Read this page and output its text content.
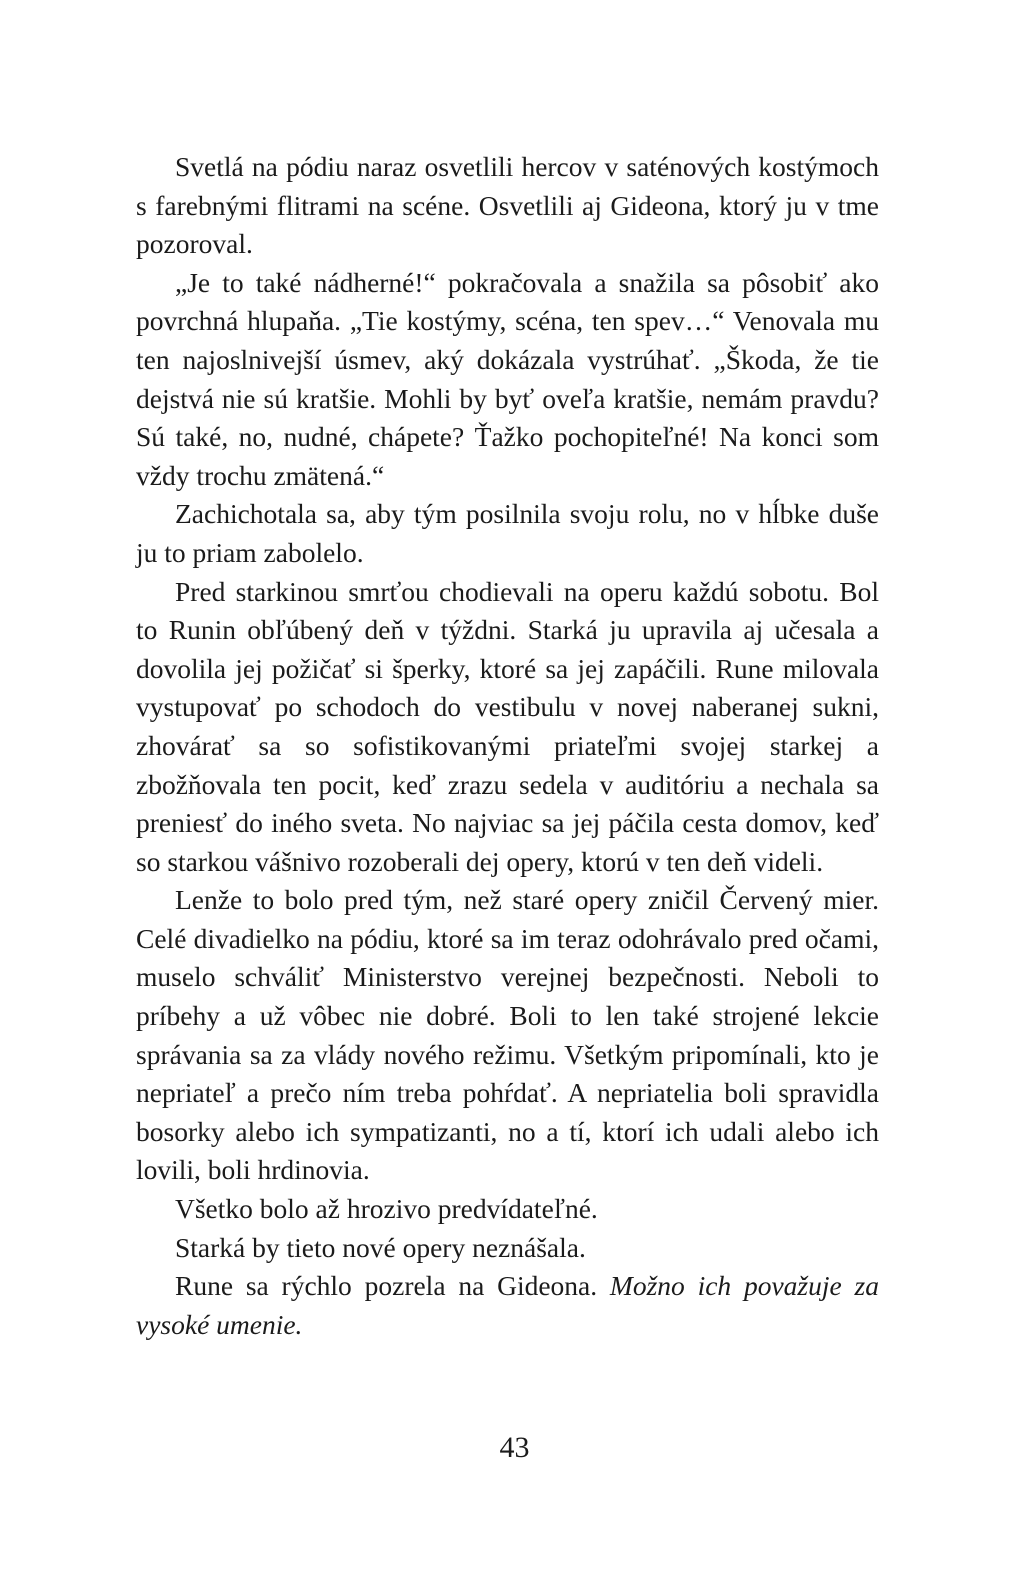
Svetlá na pódiu naraz osvetlili hercov v saténových kostýmoch s farebnými flitrami na scéne. Osvetlili aj Gideona, ktorý ju v tme pozoroval.

„Je to také nádherné!“ pokračovala a snažila sa pôsobiť ako povrchná hlupaňa. „Tie kostýmy, scéna, ten spev…“ Venovala mu ten najoslnivejší úsmev, aký dokázala vystrúhať. „Škoda, že tie dejstvá nie sú kratšie. Mohli by byť oveľa kratšie, nemám pravdu? Sú také, no, nudné, chápete? Ťažko pochopiteľné! Na konci som vždy trochu zmätená.“

Zachichotala sa, aby tým posilnila svoju rolu, no v hĺbke duše ju to priam zabolelo.

Pred starkinou smrťou chodievali na operu každú sobotu. Bol to Runin obľúbený deň v týždni. Starká ju upravila aj učesala a dovolila jej požičať si šperky, ktoré sa jej zapáčili. Rune milovala vystupovať po schodoch do vestibulu v novej naberanej sukni, zhovárať sa so sofistikovanými priateľmi svojej starkej a zbožňovala ten pocit, keď zrazu sedela v auditóriu a nechala sa preniesť do iného sveta. No najviac sa jej páčila cesta domov, keď so starkou vášnivo rozoberali dej opery, ktorú v ten deň videli.

Lenže to bolo pred tým, než staré opery zničil Červený mier. Celé divadielko na pódiu, ktoré sa im teraz odohrávalo pred očami, muselo schváliť Ministerstvo verejnej bezpečnosti. Neboli to príbehy a už vôbec nie dobré. Boli to len také strojené lekcie správania sa za vlády nového režimu. Všetkým pripomínali, kto je nepriateľ a prečo ním treba pohŕdať. A nepriatelia boli spravidla bosorky alebo ich sympatizanti, no a tí, ktorí ich udali alebo ich lovili, boli hrdinovia.

Všetko bolo až hrozivo predvídateľné.

Starká by tieto nové opery neznášala.

Rune sa rýchlo pozrela na Gideona. Možno ich považuje za vysoké umenie.

43
